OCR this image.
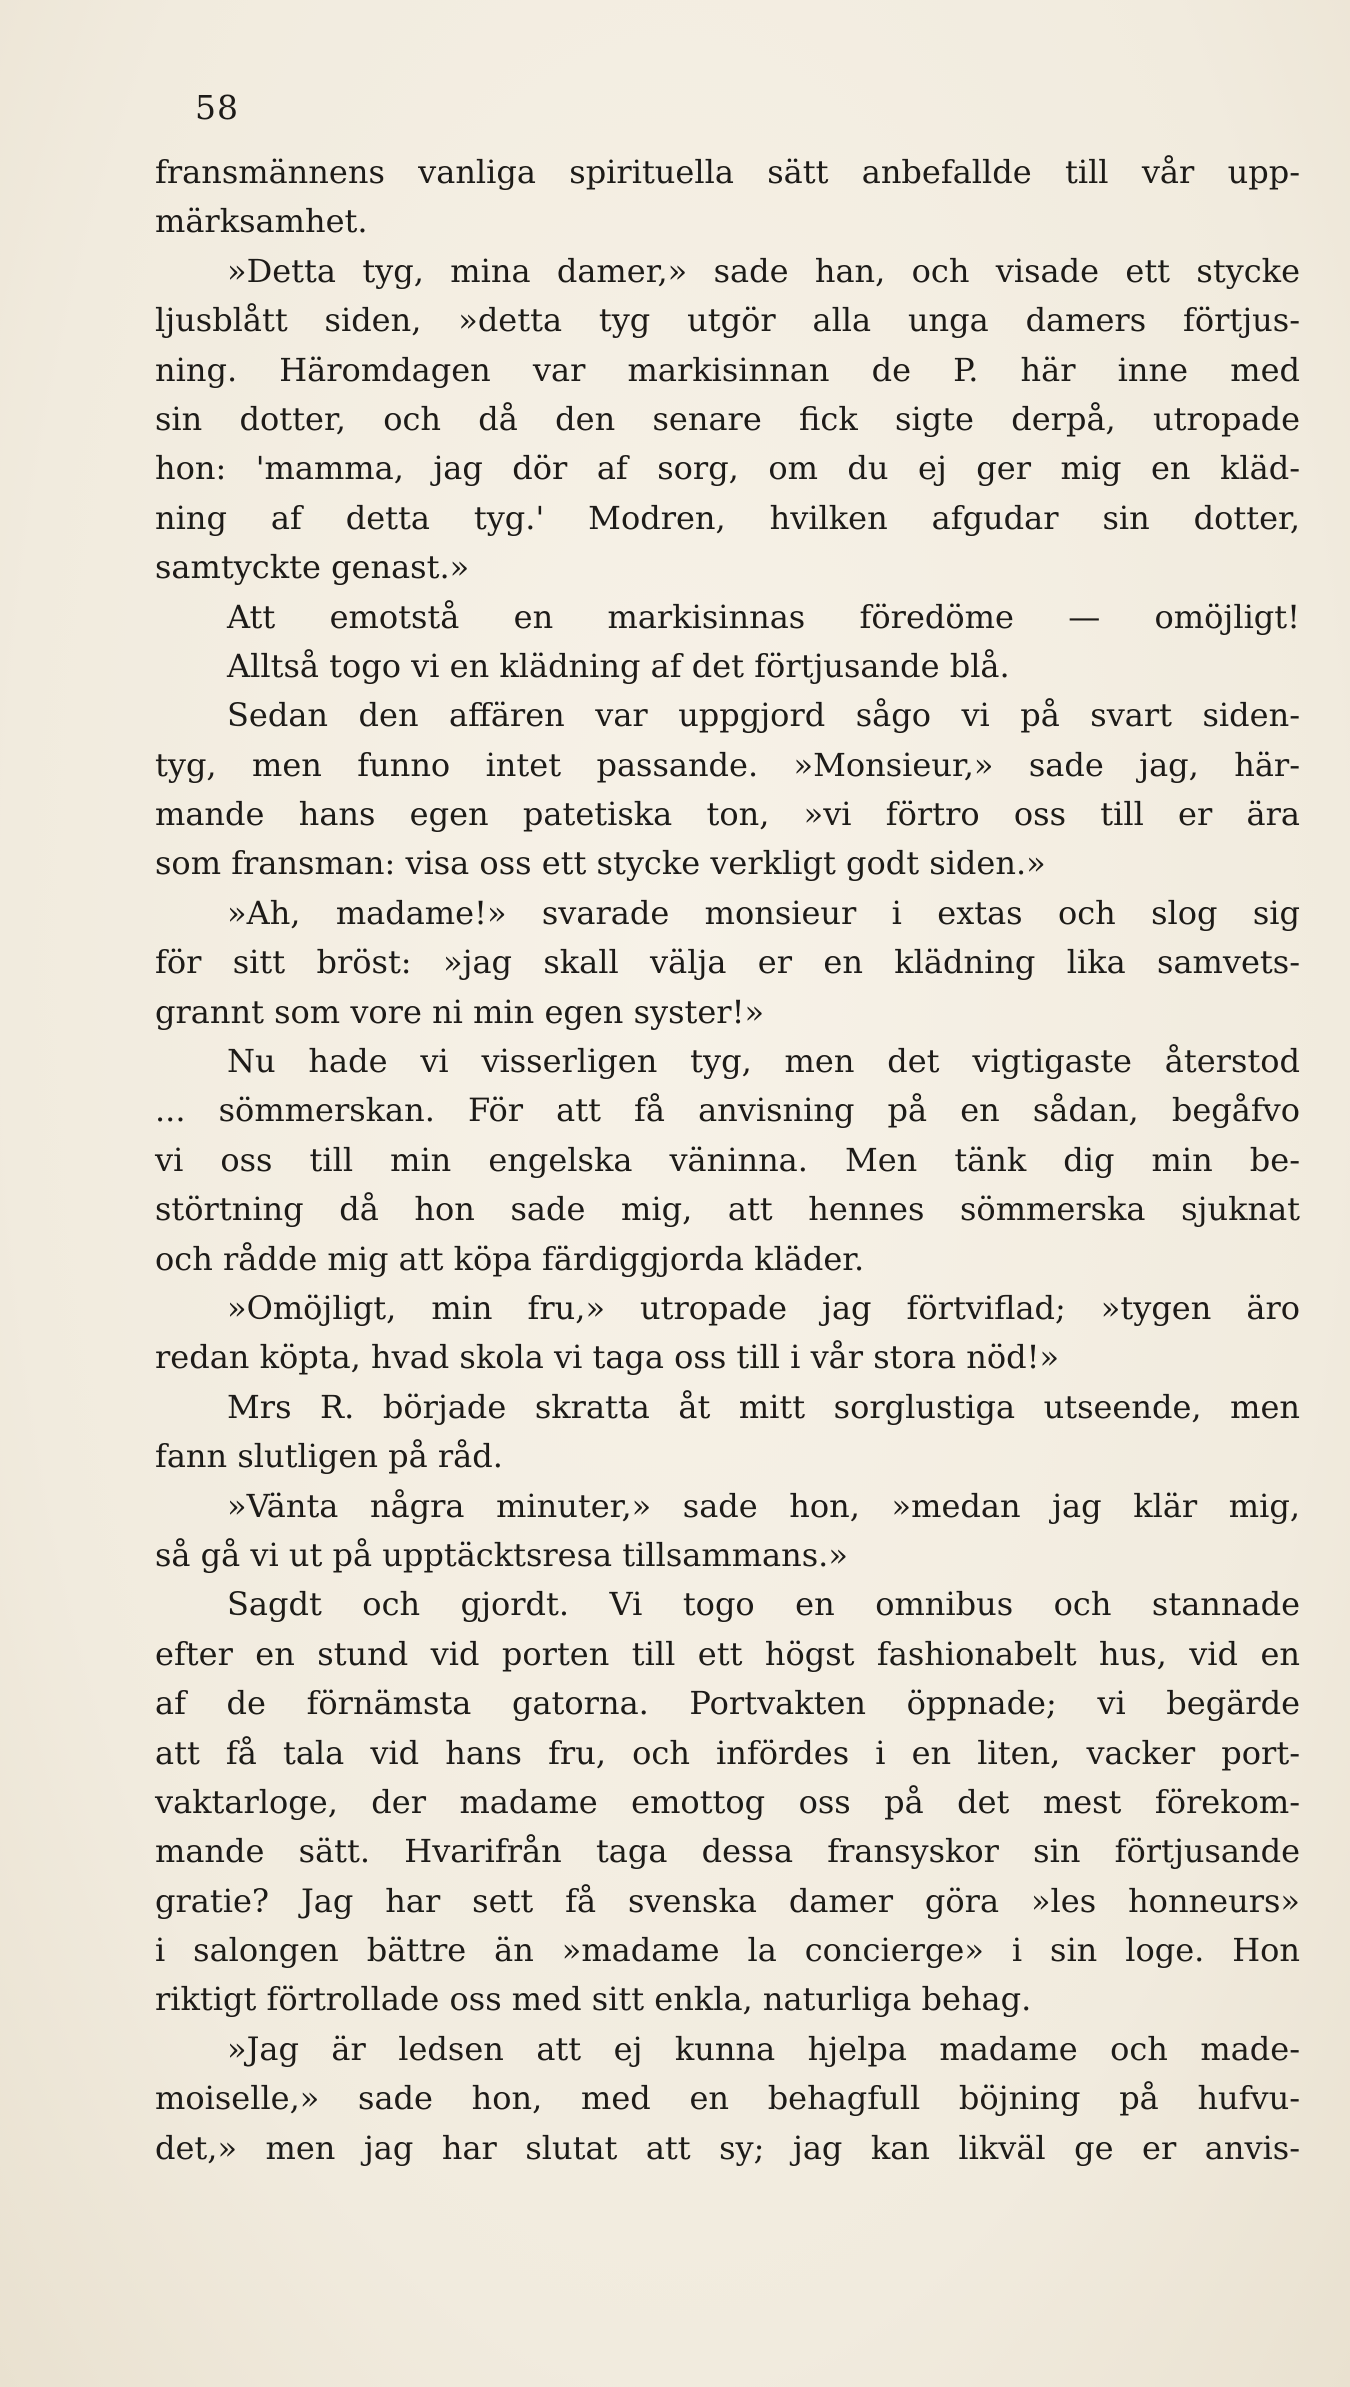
58
fransmännens vanliga spirituella sätt anbefallde till vår upp-
märksamhet.
»Detta tyg, mina damer,» sade han, och visade ett stycke
ljusblått siden, »detta tyg utgör alla unga damers förtjus-
ning. Häromdagen var markisinnan de P. här inne med
sin dotter, och då den senare fick sigte derpå, utropade
hon: 'mamma, jag dör af sorg, om du ej ger mig en kläd-
ning af detta tyg.' Modren, hvilken afgudar sin dotter,
samtyckte genast.»
Att emotstå en markisinnas föredöme — omöjligt!
Alltså togo vi en klädning af det förtjusande blå.
Sedan den affären var uppgjord sågo vi på svart siden-
tyg, men funno intet passande. »Monsieur,» sade jag, här-
mande hans egen patetiska ton, »vi förtro oss till er ära
som fransman: visa oss ett stycke verkligt godt siden.»
»Ah, madame!» svarade monsieur i extas och slog sig
för sitt bröst: »jag skall välja er en klädning lika samvets-
grannt som vore ni min egen syster!»
Nu hade vi visserligen tyg, men det vigtigaste återstod
... sömmerskan. För att få anvisning på en sådan, begåfvo
vi oss till min engelska väninna. Men tänk dig min be-
störtning då hon sade mig, att hennes sömmerska sjuknat
och rådde mig att köpa färdiggjorda kläder.
»Omöjligt, min fru,» utropade jag förtviflad; »tygen äro
redan köpta, hvad skola vi taga oss till i vår stora nöd!»
Mrs R. började skratta åt mitt sorglustiga utseende, men
fann slutligen på råd.
»Vänta några minuter,» sade hon, »medan jag klär mig,
så gå vi ut på upptäcktsresa tillsammans.»
Sagdt och gjordt. Vi togo en omnibus och stannade
efter en stund vid porten till ett högst fashionabelt hus, vid en
af de förnämsta gatorna. Portvakten öppnade; vi begärde
att få tala vid hans fru, och infördes i en liten, vacker port-
vaktarloge, der madame emottog oss på det mest förekom-
mande sätt. Hvarifrån taga dessa fransyskor sin förtjusande
gratie? Jag har sett få svenska damer göra »les honneurs»
i salongen bättre än »madame la concierge» i sin loge. Hon
riktigt förtrollade oss med sitt enkla, naturliga behag.
»Jag är ledsen att ej kunna hjelpa madame och made-
moiselle,» sade hon, med en behagfull böjning på hufvu-
det,» men jag har slutat att sy; jag kan likväl ge er anvis-
